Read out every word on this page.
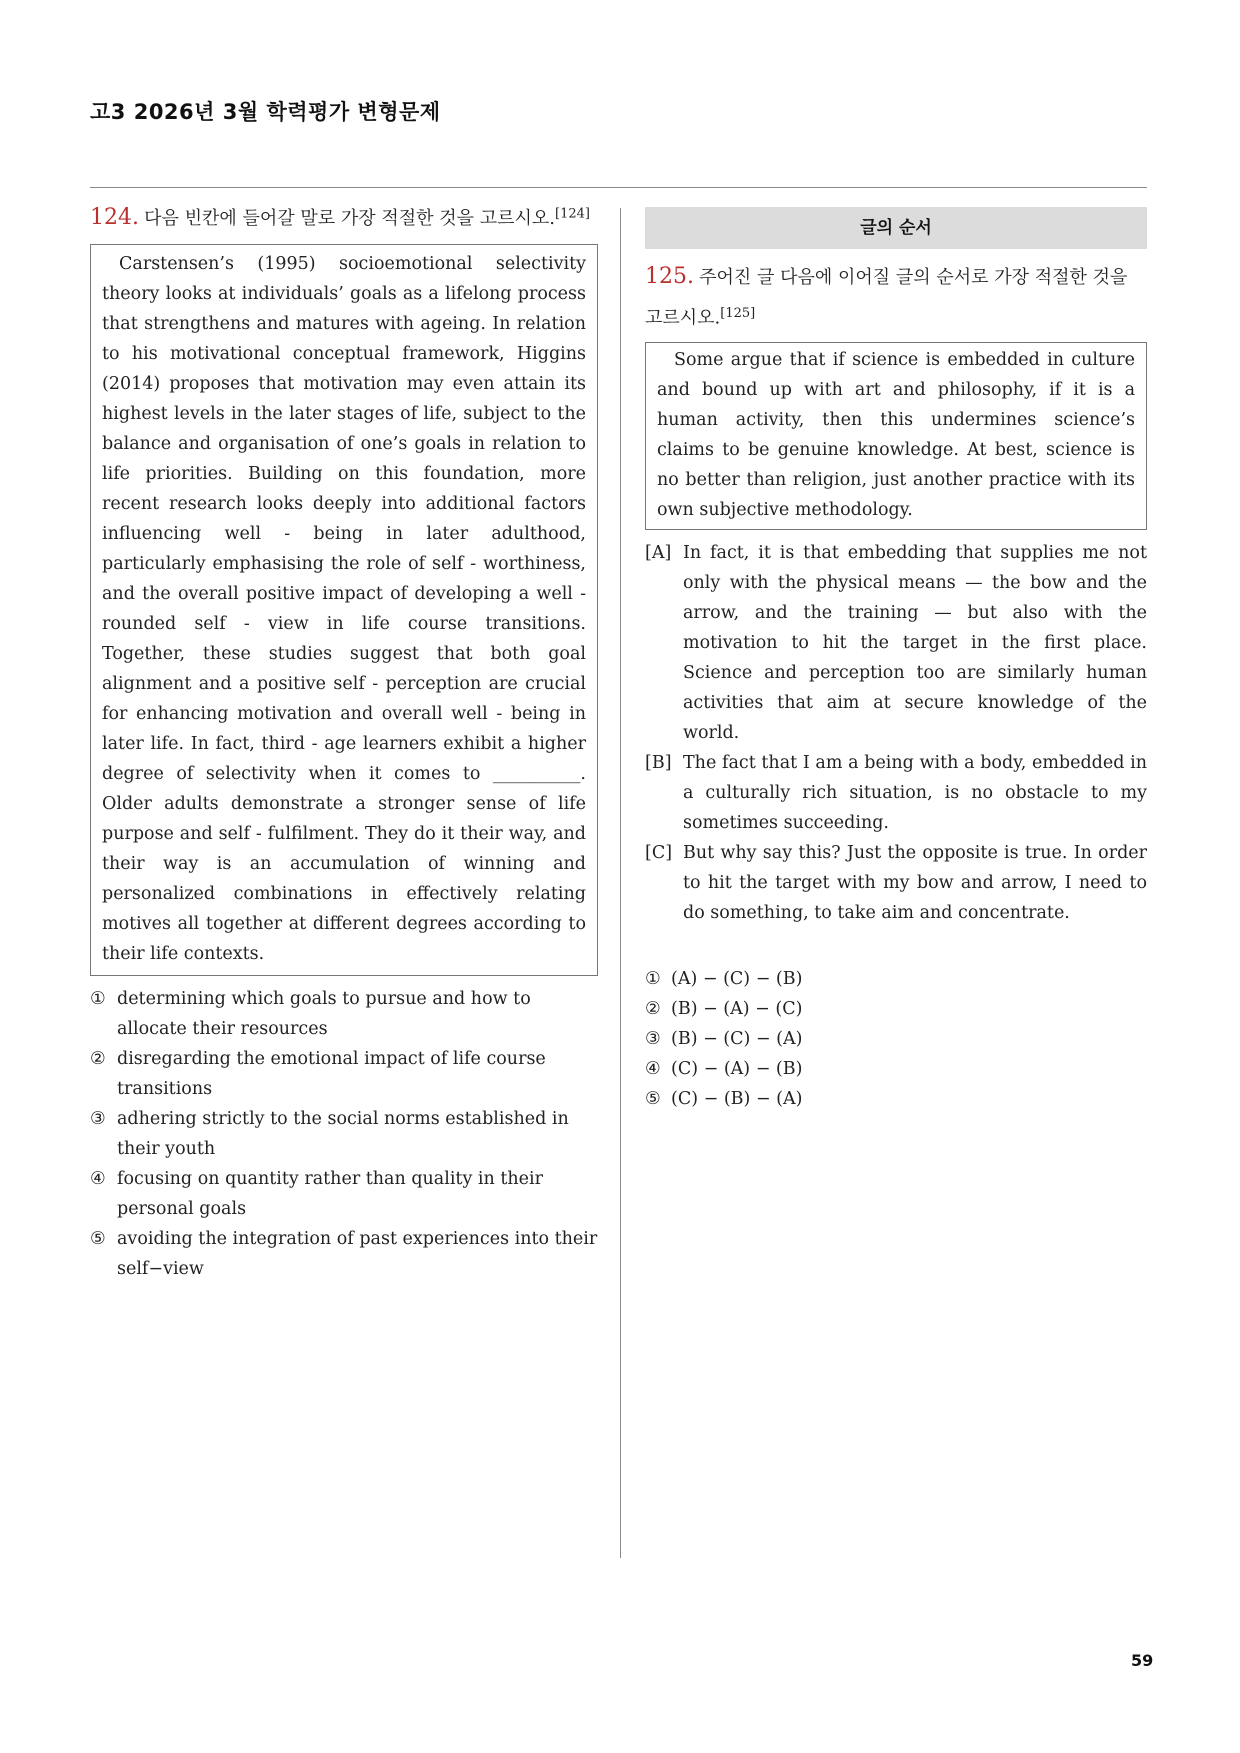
고3 2026년 3월 학력평가 변형문제
124. 다음 빈칸에 들어갈 말로 가장 적절한 것을 고르시오.[124]

Carstensen’s (1995) socioemotional selectivity theory looks at individuals’ goals as a lifelong process that strengthens and matures with ageing. In relation to his motivational conceptual framework, Higgins (2014) proposes that motivation may even attain its highest levels in the later stages of life, subject to the balance and organisation of one’s goals in relation to life priorities. Building on this foundation, more recent research looks deeply into additional factors influencing well - being in later adulthood, particularly emphasising the role of self - worthiness, and the overall positive impact of developing a well - rounded self - view in life course transitions. Together, these studies suggest that both goal alignment and a positive self - perception are crucial for enhancing motivation and overall well - being in later life. In fact, third - age learners exhibit a higher degree of selectivity when it comes to __________. Older adults demonstrate a stronger sense of life purpose and self - fulfilment. They do it their way, and their way is an accumulation of winning and personalized combinations in effectively relating motives all together at different degrees according to their life contexts.

① determining which goals to pursue and how to allocate their resources
② disregarding the emotional impact of life course transitions
③ adhering strictly to the social norms established in their youth
④ focusing on quantity rather than quality in their personal goals
⑤ avoiding the integration of past experiences into their self−view
글의 순서
125. 주어진 글 다음에 이어질 글의 순서로 가장 적절한 것을 고르시오.[125]

Some argue that if science is embedded in culture and bound up with art and philosophy, if it is a human activity, then this undermines science’s claims to be genuine knowledge. At best, science is no better than religion, just another practice with its own subjective methodology.

[A] In fact, it is that embedding that supplies me not only with the physical means — the bow and the arrow, and the training — but also with the motivation to hit the target in the first place. Science and perception too are similarly human activities that aim at secure knowledge of the world.
[B] The fact that I am a being with a body, embedded in a culturally rich situation, is no obstacle to my sometimes succeeding.
[C] But why say this? Just the opposite is true. In order to hit the target with my bow and arrow, I need to do something, to take aim and concentrate.
① (A) − (C) − (B)
② (B) − (A) − (C)
③ (B) − (C) − (A)
④ (C) − (A) − (B)
⑤ (C) − (B) − (A)
59
